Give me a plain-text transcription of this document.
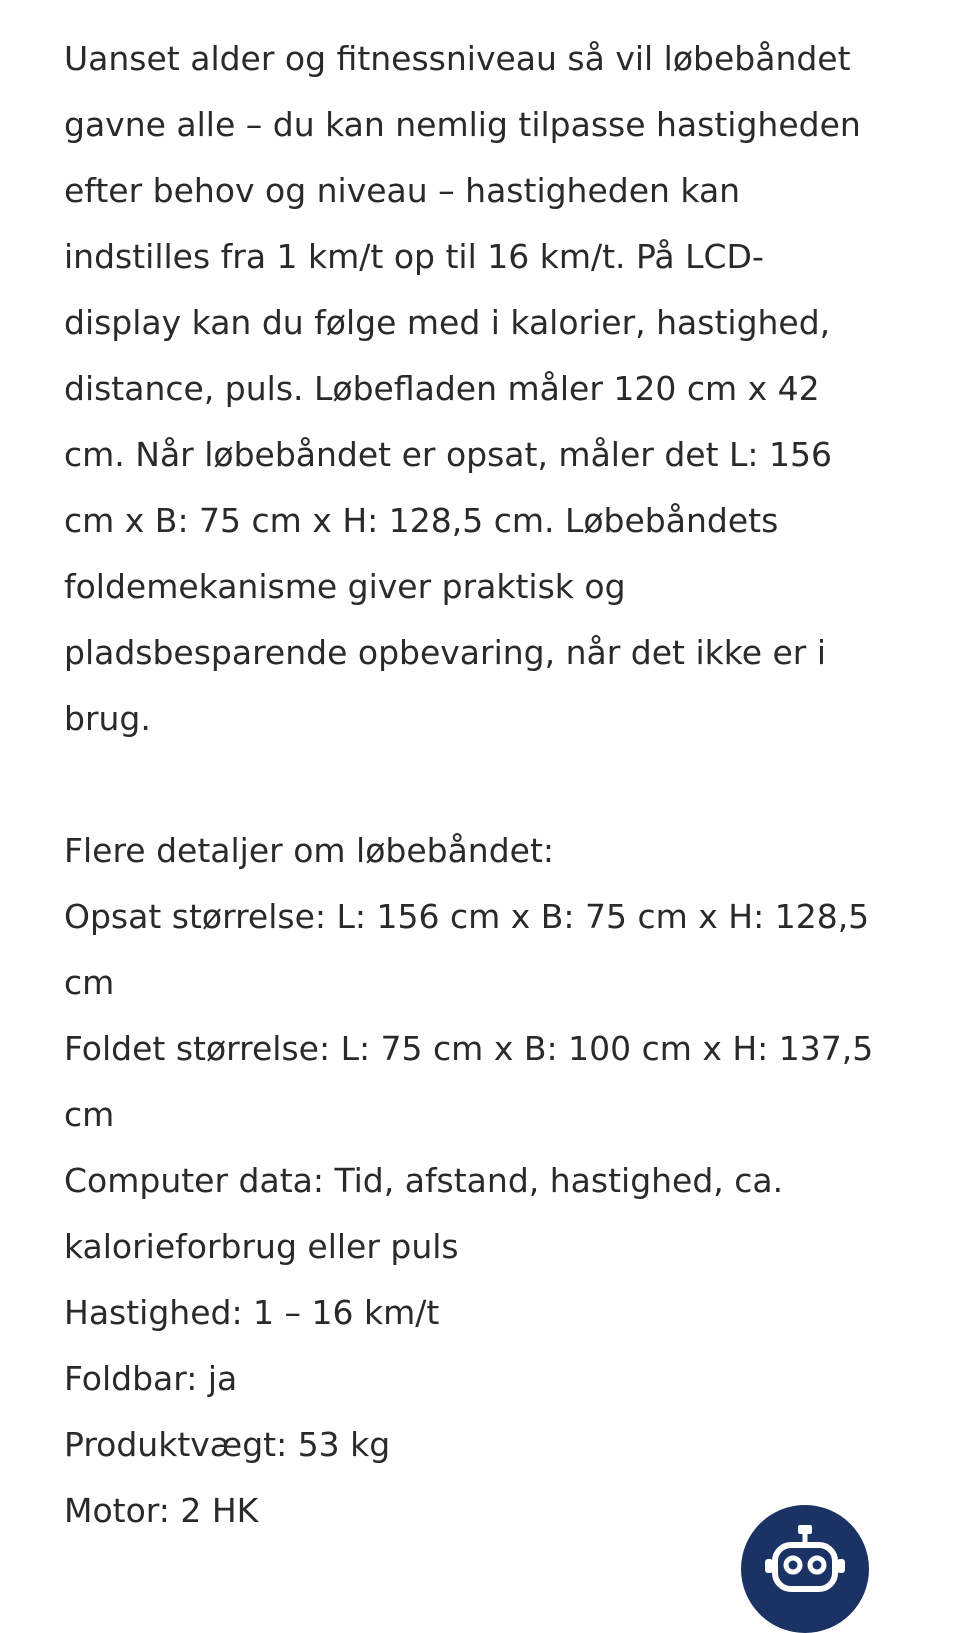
Uanset alder og fitnessniveau så vil løbebåndet
gavne alle – du kan nemlig tilpasse hastigheden
efter behov og niveau – hastigheden kan
indstilles fra 1 km/t op til 16 km/t. På LCD-
display kan du følge med i kalorier, hastighed,
distance, puls. Løbefladen måler 120 cm x 42
cm. Når løbebåndet er opsat, måler det L: 156
cm x B: 75 cm x H: 128,5 cm. Løbebåndets
foldemekanisme giver praktisk og
pladsbesparende opbevaring, når det ikke er i
brug.

Flere detaljer om løbebåndet:
Opsat størrelse: L: 156 cm x B: 75 cm x H: 128,5
cm
Foldet størrelse: L: 75 cm x B: 100 cm x H: 137,5
cm
Computer data: Tid, afstand, hastighed, ca.
kalorieforbrug eller puls
Hastighed: 1 – 16 km/t
Foldbar: ja
Produktvægt: 53 kg
Motor: 2 HK
